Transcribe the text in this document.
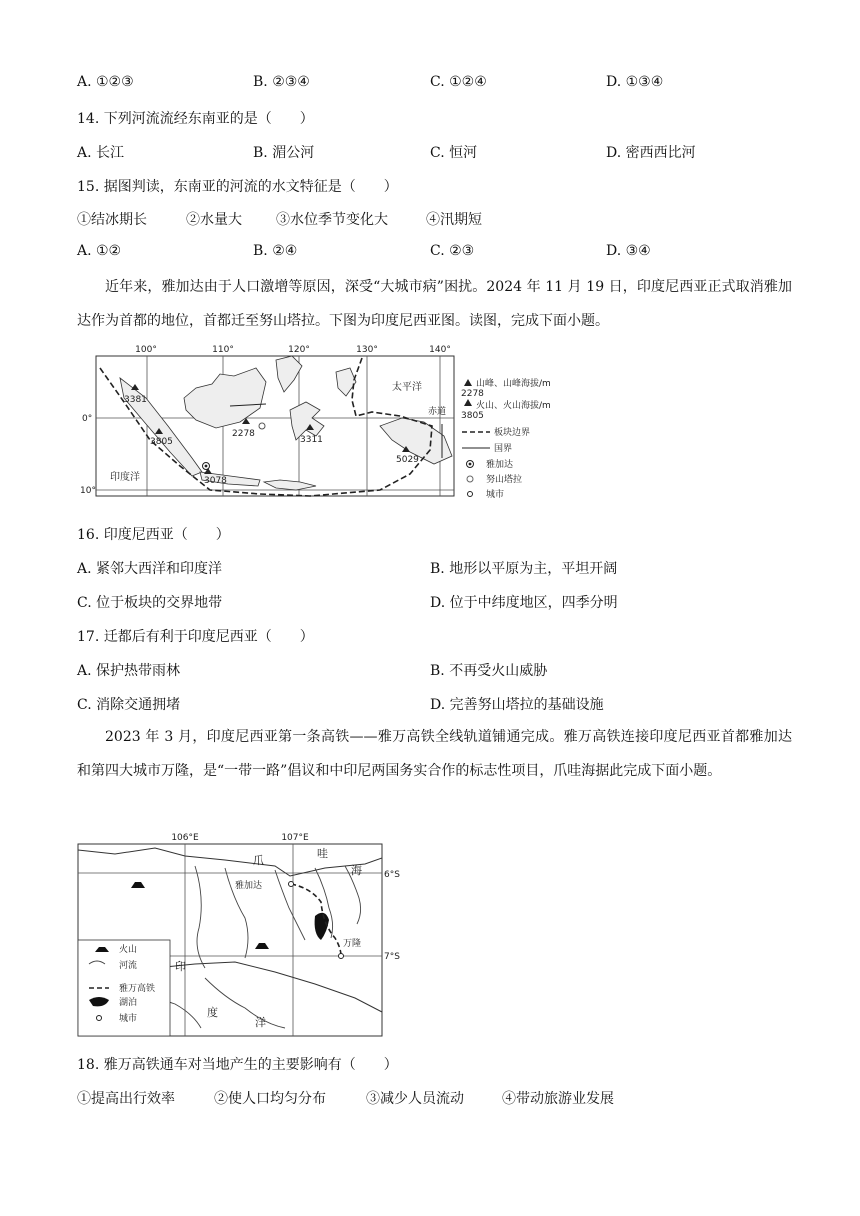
A. ①②③	B. ②③④	C. ①②④	D. ①③④
14. 下列河流流经东南亚的是（　　）
A. 长江	B. 湄公河	C. 恒河	D. 密西西比河
15. 据图判读，东南亚的河流的水文特征是（　　）
①结冰期长	②水量大 ③水位季节变化大	④汛期短
A. ①②	B. ②④	C. ②③	D. ③④
近年来，雅加达由于人口激增等原因，深受“大城市病”困扰。2024 年 11 月 19 日，印度尼西亚正式取消雅加达作为首都的地位，首都迁至努山塔拉。下图为印度尼西亚图。读图，完成下面小题。
100°	110°	120°	130°	140°
0°
10°
太平洋
赤道
印度洋
3381
3805
2278
3311
5029
3078
山峰、山峰海拔/m
2278
火山、火山海拔/m
3805
板块边界
国界
雅加达
努山塔拉
城市
16. 印度尼西亚（　　）
A. 紧邻大西洋和印度洋	B. 地形以平原为主，平坦开阔
C. 位于板块的交界地带	D. 位于中纬度地区，四季分明
17. 迁都后有利于印度尼西亚（　　）
A. 保护热带雨林	B. 不再受火山威胁
C. 消除交通拥堵	D. 完善努山塔拉的基础设施
2023 年 3 月，印度尼西亚第一条高铁——雅万高铁全线轨道铺通完成。雅万高铁连接印度尼西亚首都雅加达和第四大城市万隆，是“一带一路”倡议和中印尼两国务实合作的标志性项目，爪哇海据此完成下面小题。
106°E	107°E
6°S
7°S
爪
哇
海
印
度
洋
雅加达
万隆
火山
河流
雅万高铁
湖泊
城市
18. 雅万高铁通车对当地产生的主要影响有（　　）
①提高出行效率	②使人口均匀分布	③减少人员流动	④带动旅游业发展
